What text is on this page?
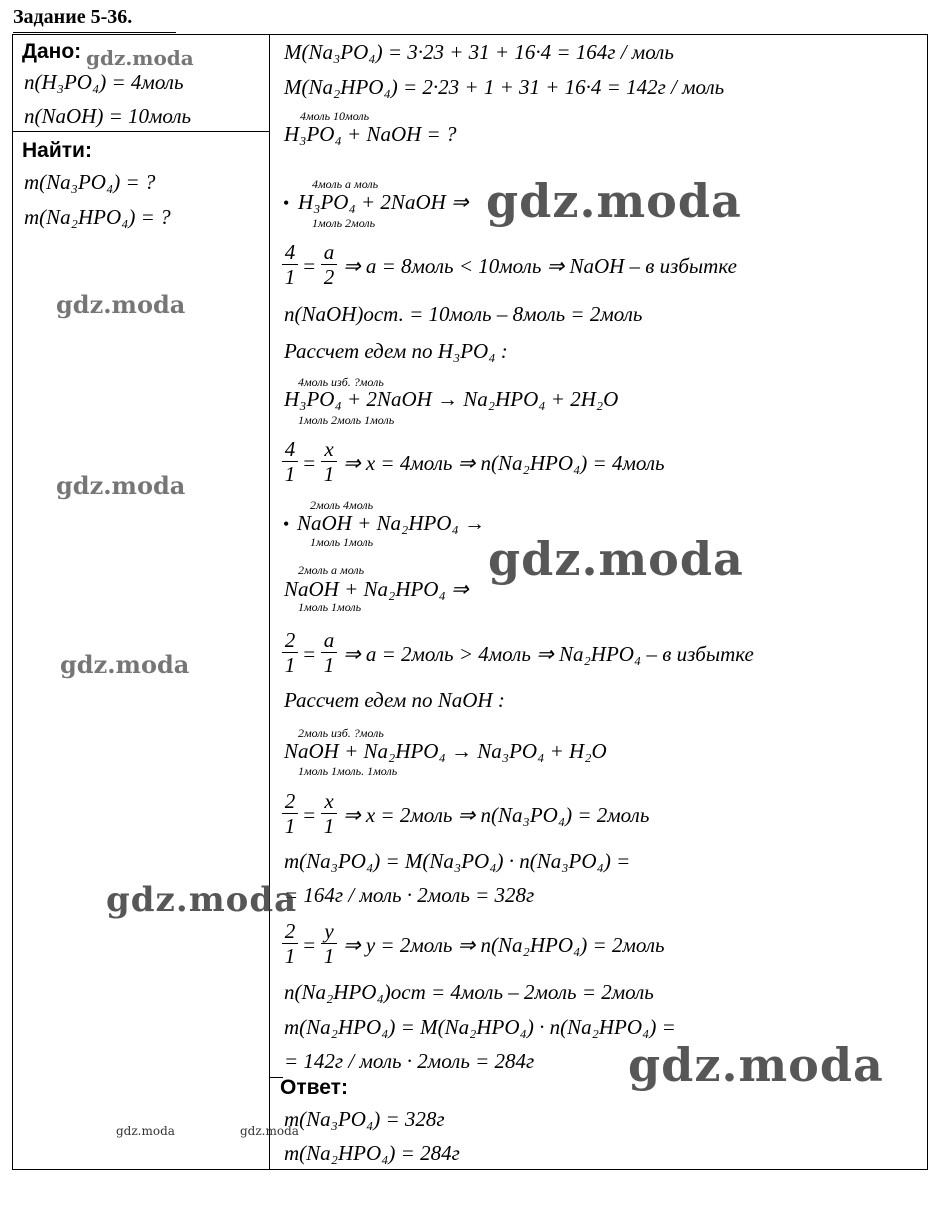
Задание 5-36.
Дано:
n(H₃PO₄) = 4моль
n(NaOH) = 10моль
Найти:
m(Na₃PO₄) = ?
m(Na₂HPO₄) = ?
M(Na₃PO₄) = 3·23 + 31 + 16·4 = 164г / моль
M(Na₂HPO₄) = 2·23 + 1 + 31 + 16·4 = 142г / моль
4моль 10моль
H₃PO₄ + NaOH = ?
4моль а моль
• H₃PO₄ + 2NaOH ⇒
1моль 2моль
4
1 =
a
2 ⇒ a = 8моль < 10моль ⇒ NaOH – в избытке
n(NaOH)ост. = 10моль – 8моль = 2моль
Рассчет едем по H₃PO₄ :
4моль изб. ?моль
H₃PO₄ + 2NaOH → Na₂HPO₄ + 2H₂O
1моль 2моль 1моль
4
1 =
x
1 ⇒ x = 4моль ⇒ n(Na₂HPO₄) = 4моль
2моль 4моль
• NaOH + Na₂HPO₄ →
1моль 1моль
2моль а моль
NaOH + Na₂HPO₄ ⇒
1моль 1моль
2
1 =
a
1 ⇒ a = 2моль > 4моль ⇒ Na₂HPO₄ – в избытке
Рассчет едем по NaOH :
2моль изб. ?моль
NaOH + Na₂HPO₄ → Na₃PO₄ + H₂O
1моль 1моль. 1моль
2
1 =
x
1 ⇒ x = 2моль ⇒ n(Na₃PO₄) = 2моль
m(Na₃PO₄) = M(Na₃PO₄) · n(Na₃PO₄) =
= 164г / моль · 2моль = 328г
2
1 =
y
1 ⇒ y = 2моль ⇒ n(Na₂HPO₄) = 2моль
n(Na₂HPO₄)ост = 4моль – 2моль = 2моль
m(Na₂HPO₄) = M(Na₂HPO₄) · n(Na₂HPO₄) =
= 142г / моль · 2моль = 284г
Ответ:
m(Na₃PO₄) = 328г
m(Na₂HPO₄) = 284г
gdz.moda
gdz.moda
gdz.moda
gdz.moda
gdz.moda
gdz.moda
gdz.moda
gdz.moda
gdz.moda	gdz.moda
